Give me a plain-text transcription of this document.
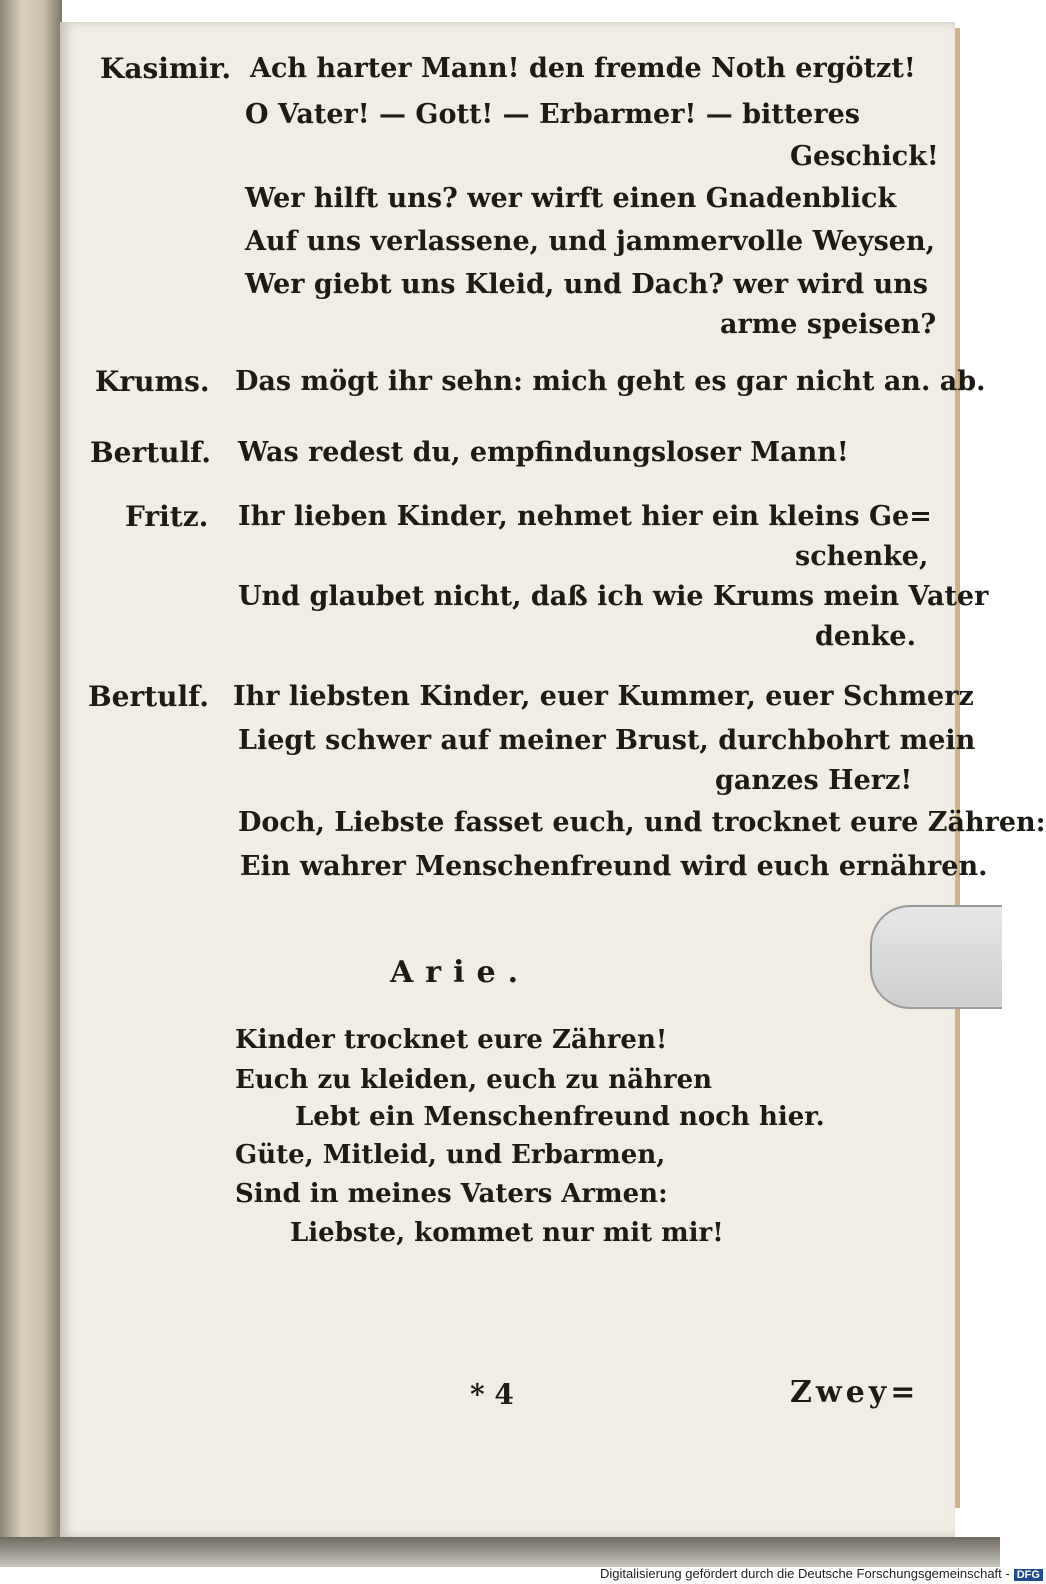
Kasimir. Ach harter Mann! den fremde Noth ergötzt!
O Vater! — Gott! — Erbarmer! — bitteres
Geschick!
Wer hilft uns? wer wirft einen Gnadenblick
Auf uns verlassene, und jammervolle Weysen,
Wer giebt uns Kleid, und Dach? wer wird uns
arme speisen?
Krums. Das mögt ihr sehn: mich geht es gar nicht an. ab.
Bertulf. Was redest du, empfindungsloser Mann!
Fritz. Ihr lieben Kinder, nehmet hier ein kleins Ge=
schenke,
Und glaubet nicht, daß ich wie Krums mein Vater
denke.
Bertulf. Ihr liebsten Kinder, euer Kummer, euer Schmerz
Liegt schwer auf meiner Brust, durchbohrt mein
ganzes Herz!
Doch, Liebste fasset euch, und trocknet eure Zähren:
Ein wahrer Menschenfreund wird euch ernähren.
Arie.
Kinder trocknet eure Zähren!
Euch zu kleiden, euch zu nähren
Lebt ein Menschenfreund noch hier.
Güte, Mitleid, und Erbarmen,
Sind in meines Vaters Armen:
Liebste, kommet nur mit mir!
* 4	Zwey=
Digitalisierung gefördert durch die Deutsche Forschungsgemeinschaft - DFG
